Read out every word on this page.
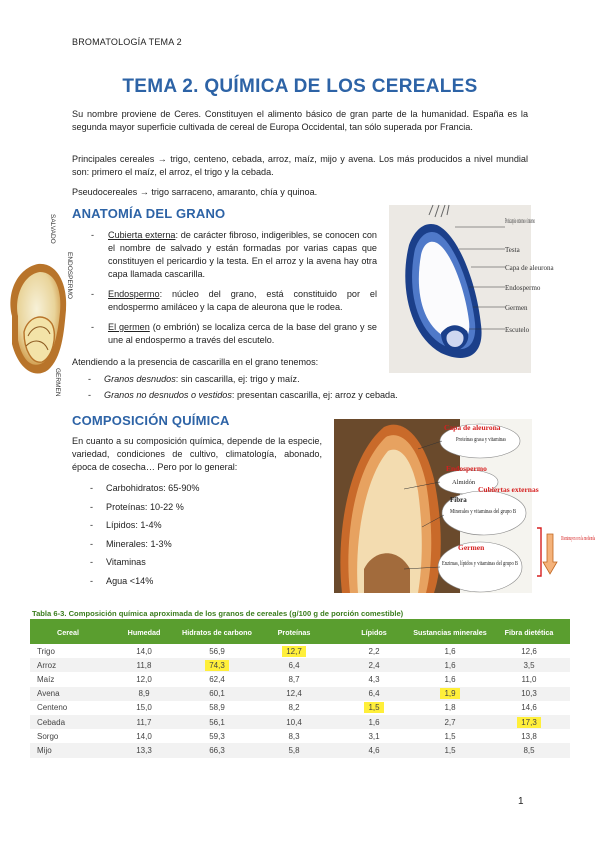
BROMATOLOGÍA TEMA 2
TEMA 2. QUÍMICA DE LOS CEREALES

Su nombre proviene de Ceres. Constituyen el alimento básico de gran parte de la humanidad. España es la segunda mayor superficie cultivada de cereal de Europa Occidental, tan sólo superada por Francia.

Principales cereales → trigo, centeno, cebada, arroz, maíz, mijo y avena. Los más producidos a nivel mundial son: primero el maíz, el arroz, el trigo y la cebada.

Pseudocereales → trigo sarraceno, amaranto, chía y quinoa.

ANATOMÍA DEL GRANO
SALVADO
ENDOSPERMO
GERMEN
- Cubierta externa: de carácter fibroso, indigeribles, se conocen con el nombre de salvado y están formadas por varias capas que constituyen el pericardio y la testa. En el arroz y la avena hay otra capa llamada cascarilla.
- Endospermo: núcleo del grano, está constituido por el endospermo amiláceo y la capa de aleurona que le rodea.
- El germen (o embrión) se localiza cerca de la base del grano y se une al endospermo a través del escutelo.
Pericarpio externo e interno
Testa
Capa de aleurona
Endospermo
Germen
Escutelo

Atendiendo a la presencia de cascarilla en el grano tenemos:

- Granos desnudos: sin cascarilla, ej: trigo y maíz.
- Granos no desnudos o vestidos: presentan cascarilla, ej: arroz y cebada.
COMPOSICIÓN QUÍMICA

En cuanto a su composición química, depende de la especie, variedad, condiciones de cultivo, climatología, abonado, época de cosecha… Pero por lo general:

- Carbohidratos: 65-90%
- Proteínas: 10-22 %
- Lípidos: 1-4%
- Minerales: 1-3%
- Vitaminas
- Agua <14%
Capa de aleurona
Proteínas grasa y vitaminas
Endospermo
Almidón
Cubiertas externas
Fibra
Minerales y vitaminas del grupo B
Germen
Enzimas, lípidos y vitaminas del grupo B
Disminuyen con la molienda
Tabla 6-3. Composición química aproximada de los granos de cereales (g/100 g de porción comestible)
Cereal	Humedad	Hidratos de carbono	Proteínas	Lípidos	Sustancias minerales	Fibra dietética
Trigo	14,0	56,9	12,7	2,2	1,6	12,6
Arroz	11,8	74,3	6,4	2,4	1,6	3,5
Maíz	12,0	62,4	8,7	4,3	1,6	11,0
Avena	8,9	60,1	12,4	6,4	1,9	10,3
Centeno	15,0	58,9	8,2	1,5	1,8	14,6
Cebada	11,7	56,1	10,4	1,6	2,7	17,3
Sorgo	14,0	59,3	8,3	3,1	1,5	13,8
Mijo	13,3	66,3	5,8	4,6	1,5	8,5
1
